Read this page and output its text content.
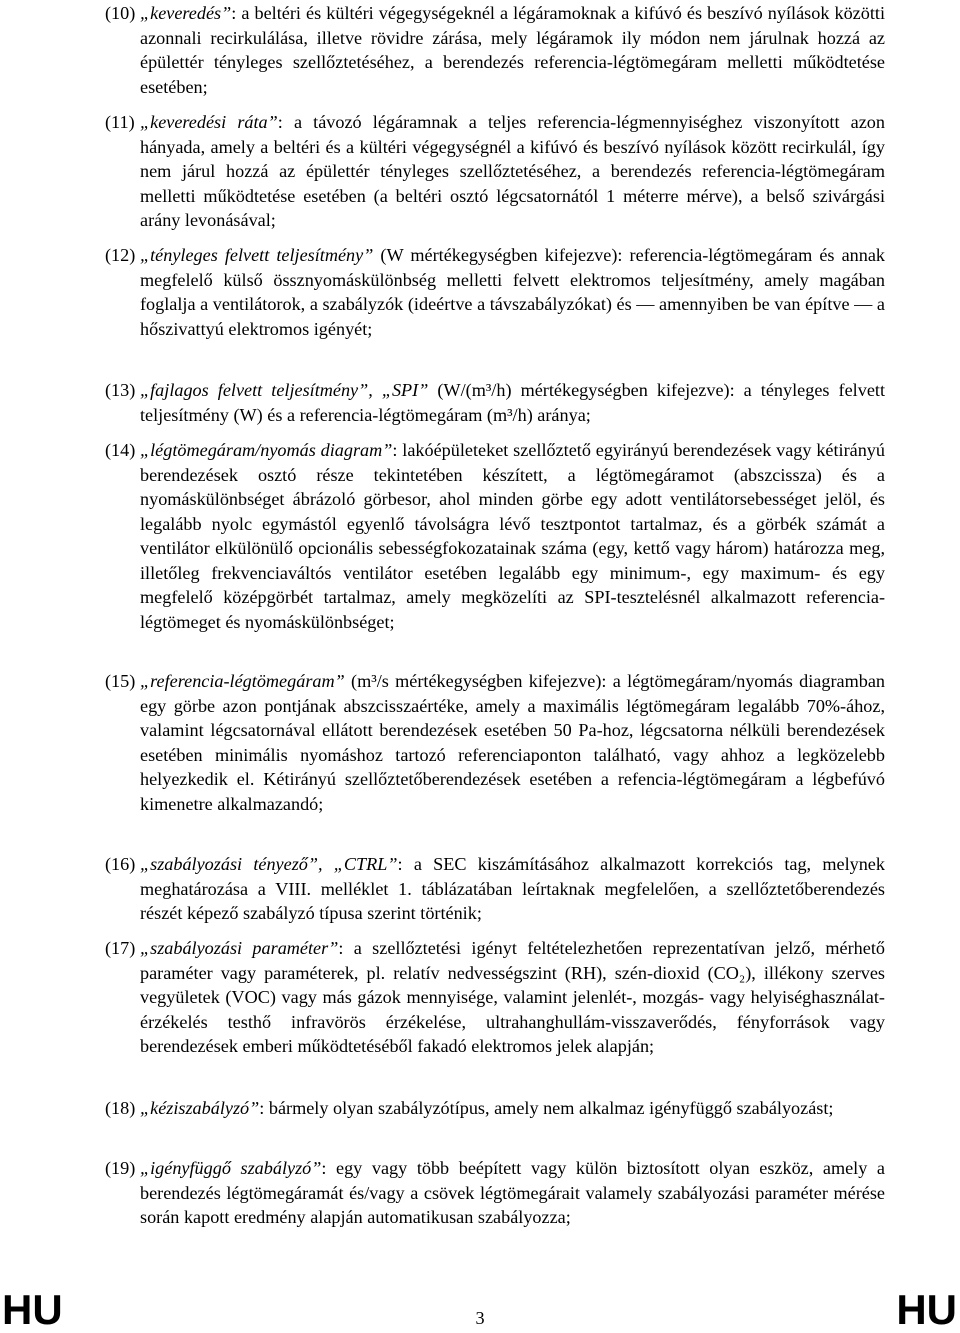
(10) „keveredés”: a beltéri és kültéri végegységeknél a légáramoknak a kifúvó és beszívó nyílások közötti azonnali recirkulálása, illetve rövidre zárása, mely légáramok ily módon nem járulnak hozzá az épülettér tényleges szellőztetéséhez, a berendezés referencia-légtömegáram melletti működtetése esetében;
(11) „keveredési ráta”: a távozó légáramnak a teljes referencia-légmennyiséghez viszonyított azon hányada, amely a beltéri és a kültéri végegységnél a kifúvó és beszívó nyílások között recirkulál, így nem járul hozzá az épülettér tényleges szellőztetéséhez, a berendezés referencia-légtömegáram melletti működtetése esetében (a beltéri osztó légcsatornától 1 méterre mérve), a belső szivárgási arány levonásával;
(12) „tényleges felvett teljesítmény” (W mértékegységben kifejezve): referencia-légtömegáram és annak megfelelő külső össznyomáskülönbség melletti felvett elektromos teljesítmény, amely magában foglalja a ventilátorok, a szabályzók (ideértve a távszabályzókat) és — amennyiben be van építve — a hőszivattyú elektromos igényét;
(13) „fajlagos felvett teljesítmény”, „SPI” (W/(m³/h) mértékegységben kifejezve): a tényleges felvett teljesítmény (W) és a referencia-légtömegáram (m³/h) aránya;
(14) „légtömegáram/nyomás diagram”: lakóépületeket szellőztető egyirányú berendezések vagy kétirányú berendezések osztó része tekintetében készített, a légtömegáramot (abszcissza) és a nyomáskülönbséget ábrázoló görbesor, ahol minden görbe egy adott ventilátorsebességet jelöl, és legalább nyolc egymástól egyenlő távolságra lévő tesztpontot tartalmaz, és a görbék számát a ventilátor elkülönülő opcionális sebességfokozatainak száma (egy, kettő vagy három) határozza meg, illetőleg frekvenciaváltós ventilátor esetében legalább egy minimum-, egy maximum- és egy megfelelő középgörbét tartalmaz, amely megközelíti az SPI-tesztelésnél alkalmazott referencia-légtömeget és nyomáskülönbséget;
(15) „referencia-légtömegáram” (m³/s mértékegységben kifejezve): a légtömegáram/nyomás diagramban egy görbe azon pontjának abszcisszaértéke, amely a maximális légtömegáram legalább 70%-ához, valamint légcsatornával ellátott berendezések esetében 50 Pa-hoz, légcsatorna nélküli berendezések esetében minimális nyomáshoz tartozó referenciaponton található, vagy ahhoz a legközelebb helyezkedik el. Kétirányú szellőztetőberendezések esetében a refencia-légtömegáram a légbefúvó kimenetre alkalmazandó;
(16) „szabályozási tényező”, „CTRL”: a SEC kiszámításához alkalmazott korrekciós tag, melynek meghatározása a VIII. melléklet 1. táblázatában leírtaknak megfelelően, a szellőztetőberendezés részét képező szabályzó típusa szerint történik;
(17) „szabályozási paraméter”: a szellőztetési igényt feltételezhetően reprezentatívan jelző, mérhető paraméter vagy paraméterek, pl. relatív nedvességszint (RH), szén-dioxid (CO₂), illékony szerves vegyületek (VOC) vagy más gázok mennyisége, valamint jelenlét-, mozgás- vagy helyiséghasználat-érzékelés testhő infravörös érzékelése, ultrahanghullám-visszaverődés, fényforrások vagy berendezések emberi működtetéséből fakadó elektromos jelek alapján;
(18) „kéziszabályzó”: bármely olyan szabályzótípus, amely nem alkalmaz igényfüggő szabályozást;
(19) „igényfüggő szabályzó”: egy vagy több beépített vagy külön biztosított olyan eszköz, amely a berendezés légtömegáramát és/vagy a csövek légtömegárait valamely szabályozási paraméter mérése során kapott eredmény alapján automatikusan szabályozza;
HU	3	HU
